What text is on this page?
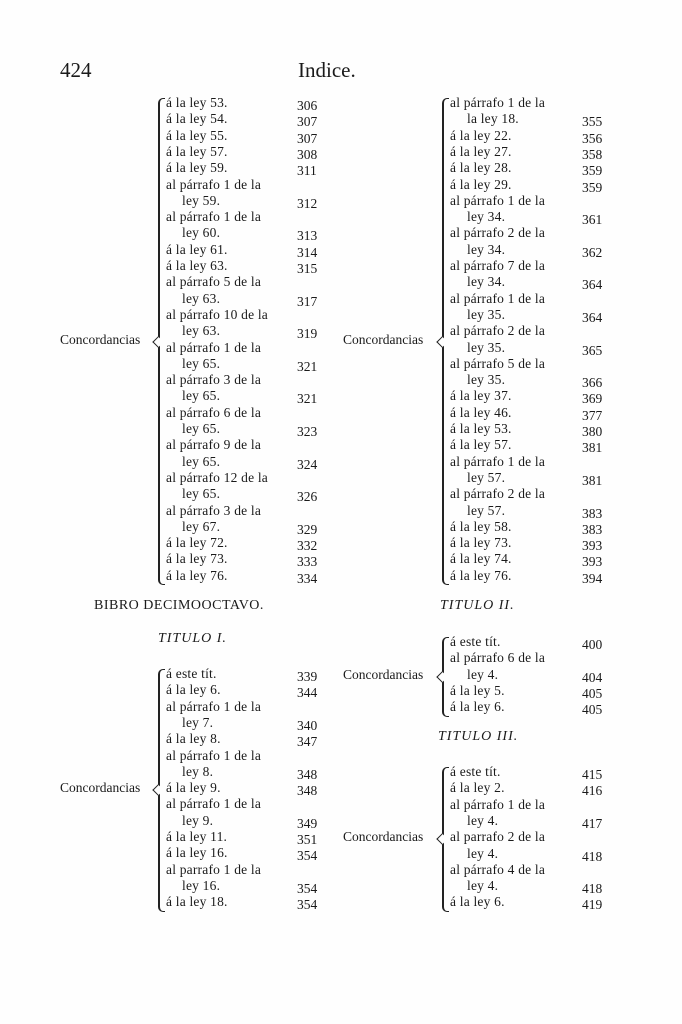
424	Indice.
BIBRO DECIMOOCTAVO.
TITULO I.
TITULO II.
TITULO III.
á la ley 53.	306
á la ley 54.	307
á la ley 55.	307
á la ley 57.	308
á la ley 59.	311
al párrafo 1 de la
ley 59.	312
al párrafo 1 de la
ley 60.	313
á la ley 61.	314
á la ley 63.	315
al párrafo 5 de la
ley 63.	317
al párrafo 10 de la
ley 63.	319
al párrafo 1 de la
ley 65.	321
al párrafo 3 de la
ley 65.	321
al párrafo 6 de la
ley 65.	323
al párrafo 9 de la
ley 65.	324
al párrafo 12 de la
ley 65.	326
al párrafo 3 de la
ley 67.	329
á la ley 72.	332
á la ley 73.	333
á la ley 76.	334
Concordancias
al párrafo 1 de la
la ley 18.	355
á la ley 22.	356
á la ley 27.	358
á la ley 28.	359
á la ley 29.	359
al párrafo 1 de la
ley 34.	361
al párrafo 2 de la
ley 34.	362
al párrafo 7 de la
ley 34.	364
al párrafo 1 de la
ley 35.	364
al párrafo 2 de la
ley 35.	365
al párrafo 5 de la
ley 35.	366
á la ley 37.	369
á la ley 46.	377
á la ley 53.	380
á la ley 57.	381
al párrafo 1 de la
ley 57.	381
al párrafo 2 de la
ley 57.	383
á la ley 58.	383
á la ley 73.	393
á la ley 74.	393
á la ley 76.	394
Concordancias
á este tít.	339
á la ley 6.	344
al párrafo 1 de la
ley 7.	340
á la ley 8.	347
al párrafo 1 de la
ley 8.	348
á la ley 9.	348
al párrafo 1 de la
ley 9.	349
á la ley 11.	351
á la ley 16.	354
al parrafo 1 de la
ley 16.	354
á la ley 18.	354
Concordancias
á este tít.	400
al párrafo 6 de la
ley 4.	404
á la ley 5.	405
á la ley 6.	405
Concordancias
á este tít.	415
á la ley 2.	416
al párrafo 1 de la
ley 4.	417
al parrafo 2 de la
ley 4.	418
al párrafo 4 de la
ley 4.	418
á la ley 6.	419
Concordancias
